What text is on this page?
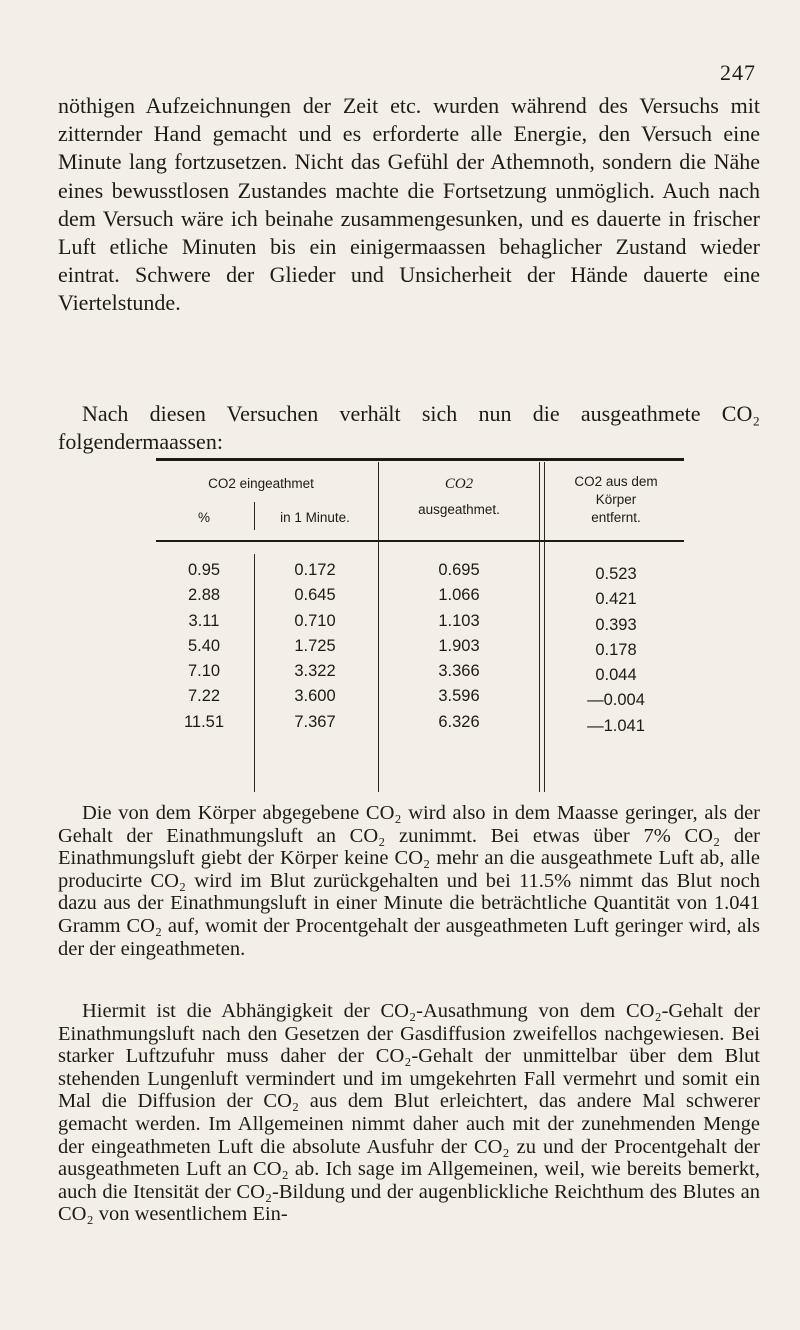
247

nöthigen Aufzeichnungen der Zeit etc. wurden während des Versuchs mit zitternder Hand gemacht und es erforderte alle Energie, den Versuch eine Minute lang fortzusetzen. Nicht das Gefühl der Athemnoth, sondern die Nähe eines bewusstlosen Zustandes machte die Fortsetzung unmöglich. Auch nach dem Versuch wäre ich beinahe zusammengesunken, und es dauerte in frischer Luft etliche Minuten bis ein einigermaassen behaglicher Zustand wieder eintrat. Schwere der Glieder und Unsicherheit der Hände dauerte eine Viertelstunde.

Nach diesen Versuchen verhält sich nun die ausgeathmete CO₂ folgendermaassen:

CO2 eingeathmet
%	in 1 Minute.
CO2
ausgeathmet.
CO2 aus dem
Körper
entfernt.
0.95
2.88
3.11
5.40
7.10
7.22
11.51
0.172
0.645
0.710
1.725
3.322
3.600
7.367
0.695
1.066
1.103
1.903
3.366
3.596
6.326
0.523
0.421
0.393
0.178
0.044
—0.004
—1.041

Die von dem Körper abgegebene CO₂ wird also in dem Maasse geringer, als der Gehalt der Einathmungsluft an CO₂ zunimmt. Bei etwas über 7% CO₂ der Einathmungsluft giebt der Körper keine CO₂ mehr an die ausgeathmete Luft ab, alle producirte CO₂ wird im Blut zurückgehalten und bei 11.5% nimmt das Blut noch dazu aus der Einathmungsluft in einer Minute die beträchtliche Quantität von 1.041 Gramm CO₂ auf, womit der Procentgehalt der ausgeathmeten Luft geringer wird, als der der eingeathmeten.

Hiermit ist die Abhängigkeit der CO₂-Ausathmung von dem CO₂-Gehalt der Einathmungsluft nach den Gesetzen der Gasdiffusion zweifellos nachgewiesen. Bei starker Luftzufuhr muss daher der CO₂-Gehalt der unmittelbar über dem Blut stehenden Lungenluft vermindert und im umgekehrten Fall vermehrt und somit ein Mal die Diffusion der CO₂ aus dem Blut erleichtert, das andere Mal schwerer gemacht werden. Im Allgemeinen nimmt daher auch mit der zunehmenden Menge der eingeathmeten Luft die absolute Ausfuhr der CO₂ zu und der Procentgehalt der ausgeathmeten Luft an CO₂ ab. Ich sage im Allgemeinen, weil, wie bereits bemerkt, auch die Itensität der CO₂-Bildung und der augenblickliche Reichthum des Blutes an CO₂ von wesentlichem Ein-
